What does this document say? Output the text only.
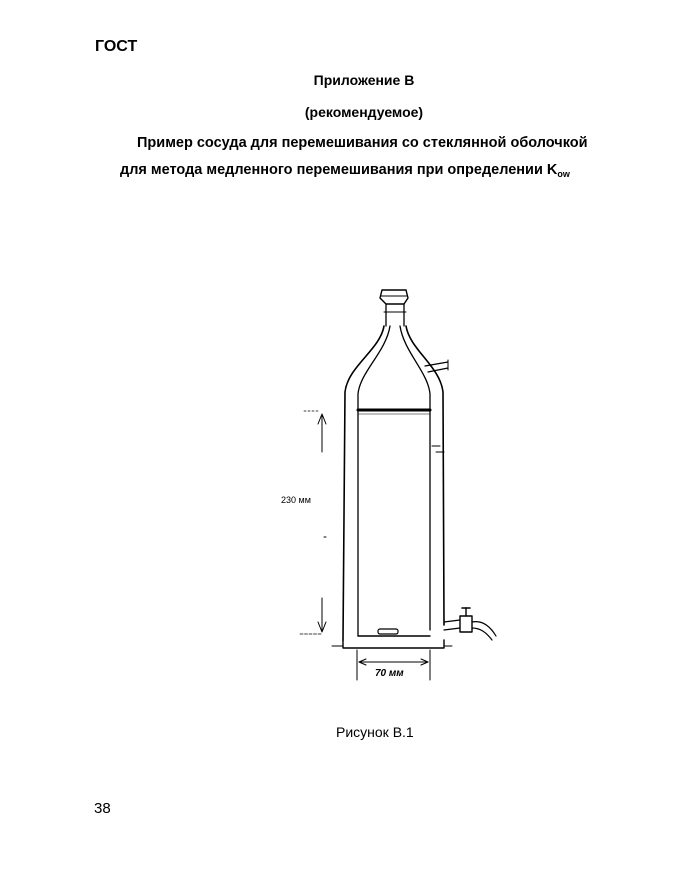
ГОСТ
Приложение В
(рекомендуемое)
Пример сосуда для перемешивания со стеклянной оболочкой
для метода медленного перемешивания при определении $K_{ow}$
230 мм
70 мм
Рисунок В.1
38
